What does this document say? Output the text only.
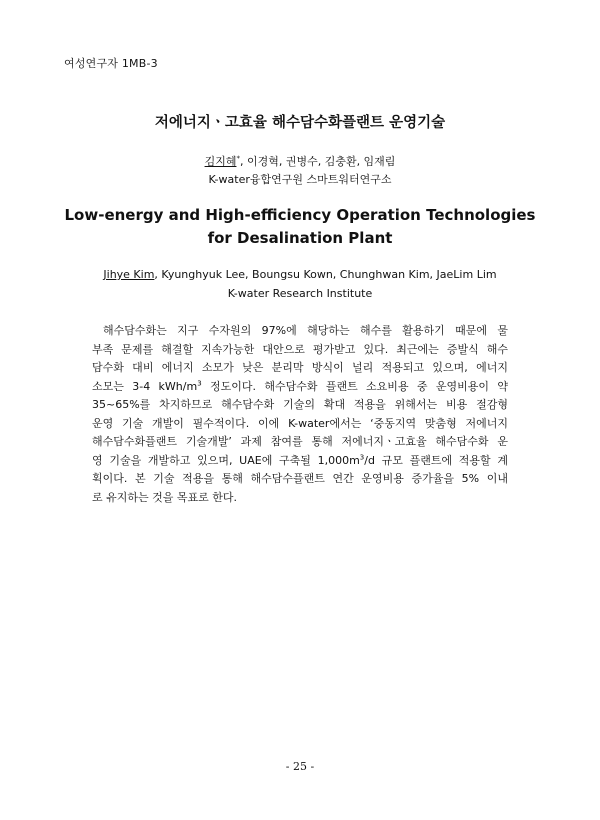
여성연구자 1MB-3
저에너지ㆍ고효율 해수담수화플랜트 운영기술
김지혜*, 이경혁, 권병수, 김충환, 임재림
K-water융합연구원 스마트워터연구소
Low-energy and High-efficiency Operation Technologies
for Desalination Plant
Jihye Kim, Kyunghyuk Lee, Boungsu Kown, Chunghwan Kim, JaeLim Lim
K-water Research Institute
해수담수화는 지구 수자원의 97%에 해당하는 해수를 활용하기 때문에 물
부족 문제를 해결할 지속가능한 대안으로 평가받고 있다. 최근에는 증발식 해수
담수화 대비 에너지 소모가 낮은 분리막 방식이 널리 적용되고 있으며, 에너지
소모는 3-4 kWh/$m^3$ 정도이다. 해수담수화 플랜트 소요비용 중 운영비용이 약
35~65%를 차지하므로 해수담수화 기술의 확대 적용을 위해서는 비용 절감형
운영 기술 개발이 필수적이다. 이에 K-water에서는 ‘중동지역 맞춤형 저에너지
해수담수화플랜트 기술개발’ 과제 참여를 통해 저에너지ㆍ고효율 해수담수화 운
영 기술을 개발하고 있으며, UAE에 구축될 $1,000m^3/d$ 규모 플랜트에 적용할 계
획이다. 본 기술 적용을 통해 해수담수플랜트 연간 운영비용 증가율을 5% 이내
로 유지하는 것을 목표로 한다.
- 25 -
